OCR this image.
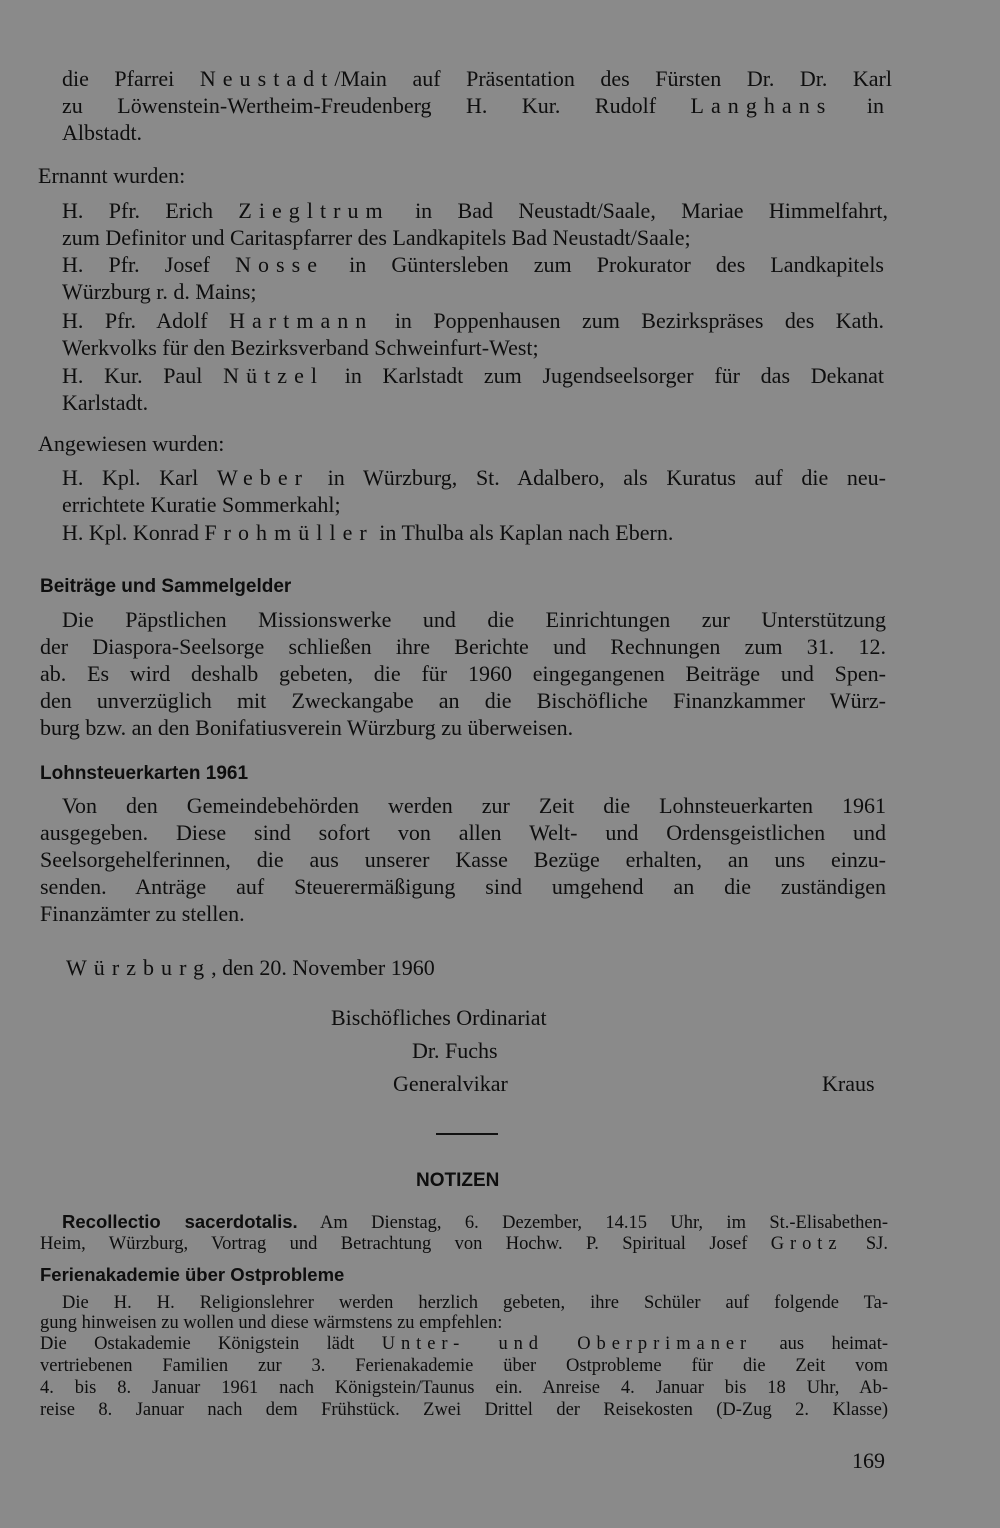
die Pfarrei Neustadt/Main auf Präsentation des Fürsten Dr. Dr. Karl
zu Löwenstein-Wertheim-Freudenberg H. Kur. Rudolf Langhans in
Albstadt.
Ernannt wurden:
H. Pfr. Erich Ziegltrum in Bad Neustadt/Saale, Mariae Himmelfahrt,
zum Definitor und Caritaspfarrer des Landkapitels Bad Neustadt/Saale;
H. Pfr. Josef Nosse in Güntersleben zum Prokurator des Landkapitels
Würzburg r. d. Mains;
H. Pfr. Adolf Hartmann in Poppenhausen zum Bezirkspräses des Kath.
Werkvolks für den Bezirksverband Schweinfurt-West;
H. Kur. Paul Nützel in Karlstadt zum Jugendseelsorger für das Dekanat
Karlstadt.
Angewiesen wurden:
H. Kpl. Karl Weber in Würzburg, St. Adalbero, als Kuratus auf die neu-
errichtete Kuratie Sommerkahl;
H. Kpl. Konrad Frohmüller in Thulba als Kaplan nach Ebern.
Beiträge und Sammelgelder
Die Päpstlichen Missionswerke und die Einrichtungen zur Unterstützung
der Diaspora-Seelsorge schließen ihre Berichte und Rechnungen zum 31. 12.
ab. Es wird deshalb gebeten, die für 1960 eingegangenen Beiträge und Spen-
den unverzüglich mit Zweckangabe an die Bischöfliche Finanzkammer Würz-
burg bzw. an den Bonifatiusverein Würzburg zu überweisen.
Lohnsteuerkarten 1961
Von den Gemeindebehörden werden zur Zeit die Lohnsteuerkarten 1961
ausgegeben. Diese sind sofort von allen Welt- und Ordensgeistlichen und
Seelsorgehelferinnen, die aus unserer Kasse Bezüge erhalten, an uns einzu-
senden. Anträge auf Steuerermäßigung sind umgehend an die zuständigen
Finanzämter zu stellen.
Würzburg, den 20. November 1960
Bischöfliches Ordinariat
Dr. Fuchs
Generalvikar	Kraus
NOTIZEN
Recollectio sacerdotalis. Am Dienstag, 6. Dezember, 14.15 Uhr, im St.-Elisabethen-
Heim, Würzburg, Vortrag und Betrachtung von Hochw. P. Spiritual Josef Grotz SJ.
Ferienakademie über Ostprobleme
Die H. H. Religionslehrer werden herzlich gebeten, ihre Schüler auf folgende Ta-
gung hinweisen zu wollen und diese wärmstens zu empfehlen:
Die Ostakademie Königstein lädt Unter- und Oberprimaner aus heimat-
vertriebenen Familien zur 3. Ferienakademie über Ostprobleme für die Zeit vom
4. bis 8. Januar 1961 nach Königstein/Taunus ein. Anreise 4. Januar bis 18 Uhr, Ab-
reise 8. Januar nach dem Frühstück. Zwei Drittel der Reisekosten (D-Zug 2. Klasse)
169
